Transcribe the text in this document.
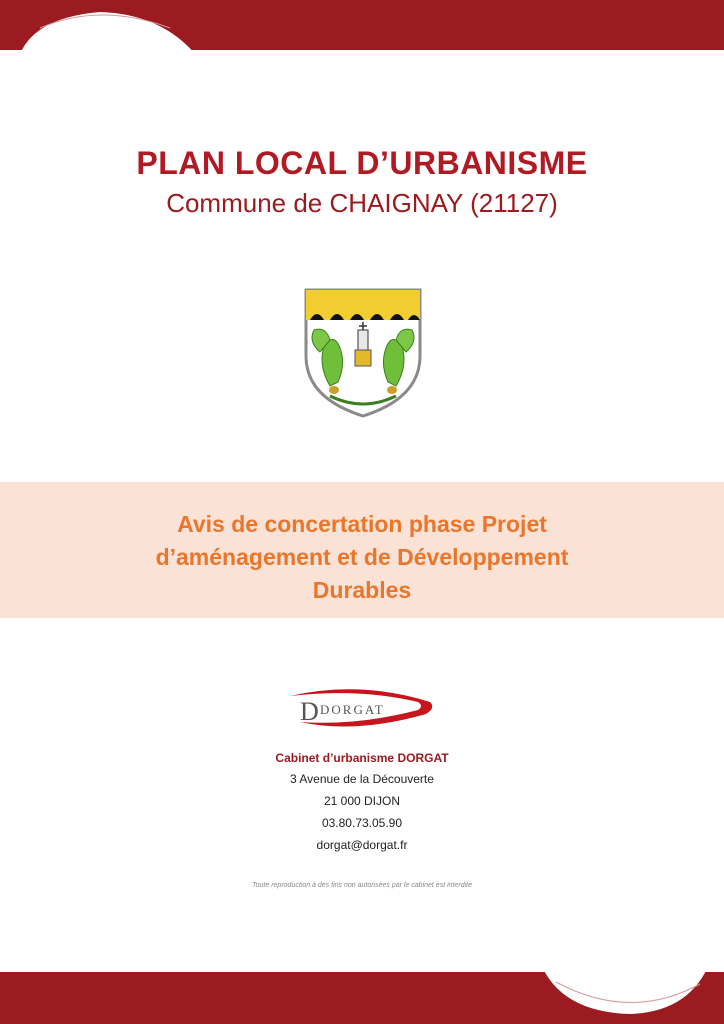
PLAN LOCAL D’URBANISME
Commune de CHAIGNAY (21127)
Avis de concertation phase Projet
d’aménagement et de Développement
Durables
D DORGAT
Cabinet d’urbanisme DORGAT
3 Avenue de la Découverte
21 000 DIJON
03.80.73.05.90
dorgat@dorgat.fr
Toute reproduction à des fins non autorisées par le cabinet est interdite
